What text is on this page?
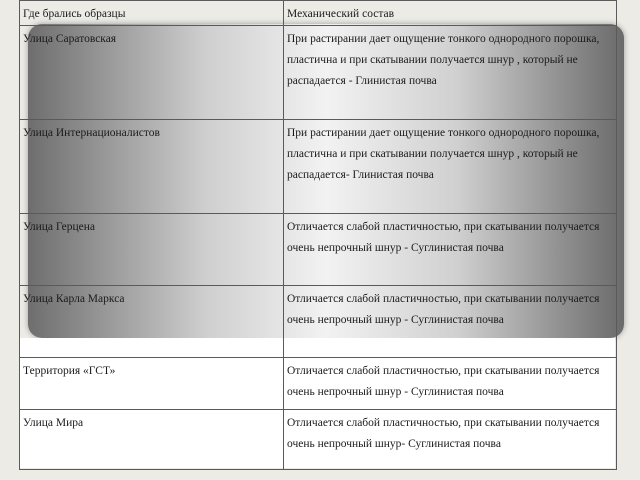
Где брались образцы	Механический состав
Улица Саратовская	При растирании дает ощущение тонкого однородного порошка, пластична и при скатывании получается шнур , который не распадается - Глинистая почва
Улица Интернационалистов	При растирании дает ощущение тонкого однородного порошка, пластична и при скатывании получается шнур , который не распадается- Глинистая почва
Улица Герцена	Отличается слабой пластичностью, при скатывании получается очень непрочный шнур - Суглинистая почва
Улица Карла Маркса	Отличается слабой пластичностью, при скатывании получается очень непрочный шнур - Суглинистая почва
Территория «ГСТ»	Отличается слабой пластичностью, при скатывании получается очень непрочный шнур - Суглинистая почва
Улица Мира	Отличается слабой пластичностью, при скатывании получается очень непрочный шнур- Суглинистая почва
